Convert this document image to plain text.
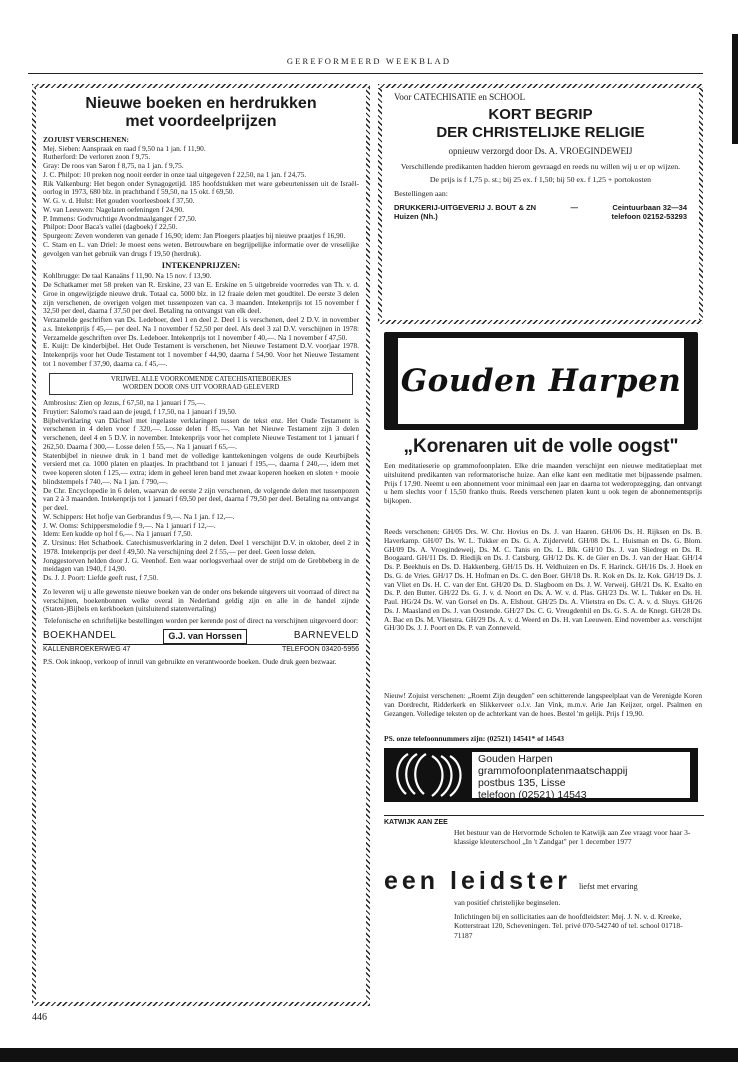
GEREFORMEERD WEEKBLAD
Nieuwe boeken en herdrukken
met voordeelprijzen
ZOJUIST VERSCHENEN:

Mej. Sieben: Aanspraak en raad f 9,50 na 1 jan. f 11,90.

Rutherford: De verloren zoon f 9,75.

Gray: De roos van Saron f 8,75, na 1 jan. f 9,75.

J. C. Philpot: 10 preken nog nooit eerder in onze taal uitgegeven f 22,50, na 1 jan. f 24,75.

Rik Valkenburg: Het begon onder Synagogetijd. 185 hoofdstukken met ware gebeurtenissen uit de Israël-oorlog in 1973, 680 blz. in prachtband f 59,50, na 15 okt. f 69,50.

W. G. v. d. Hulst: Het gouden voorleesboek f 37,50.

W. van Leeuwen: Nagelaten oefeningen f 24,90.

P. Immens: Godvruchtige Avondmaalganger f 27,50.

Philpot: Door Baca's vallei (dagboek) f 22,50.

Spurgeon: Zeven wonderen van genade f 16,90; idem: Jan Ploegers plaatjes bij nieuwe praatjes f 16,90.

C. Stam en L. van Driel: Je moest eens weten. Betrouwbare en begrijpelijke informatie over de vreselijke gevolgen van het gebruik van drugs f 19,50 (herdruk).

INTEKENPRIJZEN:

Kohlbrugge: De taal Kanaäns f 11,90. Na 15 nov. f 13,90.

De Schatkamer met 58 preken van R. Erskine, 23 van E. Erskine en 5 uitgebreide voorredes van Th. v. d. Groe in ongewijzigde nieuwe druk. Totaal ca. 5000 blz. in 12 fraaie delen met goudtitel. De eerste 3 delen zijn verschenen, de overigen volgen met tussenpozen van ca. 3 maanden. Intekenprijs tot 15 november f 32,50 per deel, daarna f 37,50 per deel. Betaling na ontvangst van elk deel.

Verzamelde geschriften van Ds. Ledeboer, deel 1 en deel 2. Deel 1 is verschenen, deel 2 D.V. in november a.s. Intekenprijs f 45,— per deel. Na 1 november f 52,50 per deel. Als deel 3 zal D.V. verschijnen in 1978: Verzamelde geschriften over Ds. Ledeboer. Intekenprijs tot 1 november f 40,—. Na 1 november f 47,50.

E. Kuijt: De kinderbijbel. Het Oude Testament is verschenen, het Nieuwe Testament D.V. voorjaar 1978. Intekenprijs voor het Oude Testament tot 1 november f 44,90, daarna f 54,90. Voor het Nieuwe Testament tot 1 november f 37,90, daarna ca. f 45,—.

VRIJWEL ALLE VOORKOMENDE CATECHISATIEBOEKJES
WORDEN DOOR ONS UIT VOORRAAD GELEVERD

Ambrosius: Zien op Jezus, f 67,50, na 1 januari f 75,—.

Fruytier: Salomo's raad aan de jeugd, f 17,50, na 1 januari f 19,50.

Bijbelverklaring van Dächsel met ingelaste verklaringen tussen de tekst enz. Het Oude Testament is verschenen in 4 delen voor f 320,—. Losse delen f 85,—. Van het Nieuwe Testament zijn 3 delen verschenen, deel 4 en 5 D.V. in november. Intekenprijs voor het complete Nieuwe Testament tot 1 januari f 262,50. Daarna f 300,— Losse delen f 55,—. Na 1 januari f 65,—.

Statenbijbel in nieuwe druk in 1 band met de volledige kanttekeningen volgens de oude Keurbijbels versierd met ca. 1000 platen en plaatjes. In prachtband tot 1 januari f 195,—, daarna f 240,—, idem met twee koperen sloten f 125,— extra; idem in geheel leren band met zwaar koperen hoeken en sloten + mooie blindstempels f 740,—. Na 1 jan. f 790,—.

De Chr. Encyclopedie in 6 delen, waarvan de eerste 2 zijn verschenen, de volgende delen met tussenpozen van 2 à 3 maanden. Intekenprijs tot 1 januari f 69,50 per deel, daarna f 79,50 per deel. Betaling na ontvangst per deel.

W. Schippers: Het hofje van Gerbrandus f 9,—. Na 1 jan. f 12,—.

J. W. Ooms: Schippersmelodie f 9,—. Na 1 januari f 12,—.

Idem: Een kudde op hol f 6,—. Na 1 januari f 7,50.

Z. Ursinus: Het Schatboek. Catechismusverklaring in 2 delen. Deel 1 verschijnt D.V. in oktober, deel 2 in 1978. Intekenprijs per deel f 49,50. Na verschijning deel 2 f 55,— per deel. Geen losse delen.

Jonggestorven helden door J. G. Veenhof. Een waar oorlogsverhaal over de strijd om de Grebbeberg in de meidagen van 1940, f 14,90.

Ds. J. J. Poort: Liefde geeft rust, f 7,50.

Zo leveren wij u alle gewenste nieuwe boeken van de onder ons bekende uitgevers uit voorraad of direct na verschijnen, boekenbonnen welke overal in Nederland geldig zijn en alle in de handel zijnde (Staten-)Bijbels en kerkboeken (uitsluitend statenvertaling)

Telefonische en schriftelijke bestellingen worden per kerende post of direct na verschijnen uitgevoerd door:

BOEKHANDEL	G.J. van Horssen	BARNEVELD
KALLENBROEKERWEG 47	TELEFOON 03420-5956

P.S. Ook inkoop, verkoop of inruil van gebruikte en verantwoorde boeken. Oude druk geen bezwaar.

Voor CATECHISATIE en SCHOOL
KORT BEGRIP
DER CHRISTELIJKE RELIGIE
opnieuw verzorgd door Ds. A. VROEGINDEWEIJ
Verschillende predikanten hadden hierom gevraagd en reeds nu willen wij u er op wijzen.
De prijs is f 1,75 p. st.; bij 25 ex. f 1,50; bij 50 ex. f 1,25 + portokosten
Bestellingen aan:
DRUKKERIJ-UITGEVERIJ J. BOUT & ZN	—	Ceintuurbaan 32—34
Huizen (Nh.)	telefoon 02152-53293
Gouden Harpen
„Korenaren uit de volle oogst"
Een meditatieserie op grammofoonplaten. Elke drie maanden verschijnt een nieuwe meditatieplaat met uitsluitend predikanten van reformatorische huize. Aan elke kant een meditatie met bijpassende psalmen. Prijs f 17,90. Neemt u een abonnement voor minimaal een jaar en daarna tot wederopzegging, dan ontvangt u hem slechts voor f 15,50 franko thuis. Reeds verschenen platen kunt u ook tegen de abonnementsprijs bijkopen.
Reeds verschenen: GH/05 Drs. W. Chr. Hovius en Ds. J. van Haaren. GH/06 Ds. H. Rijksen en Ds. B. Haverkamp. GH/07 Ds. W. L. Tukker en Ds. G. A. Zijderveld. GH/08 Ds. L. Huisman en Ds. G. Blom. GH/09 Ds. A. Vroegindeweij, Ds. M. C. Tanis en Ds. L. Blk. GH/10 Ds. J. van Sliedregt en Ds. R. Boogaard. GH/11 Ds. D. Riedijk en Ds. J. Catsburg. GH/12 Ds. K. de Gier en Ds. J. van der Haar. GH/14 Ds. P. Beekhuis en Ds. D. Hakkenberg. GH/15 Ds. H. Veldhuizen en Ds. F. Harinck. GH/16 Ds. J. Hoek en Ds. G. de Vries. GH/17 Ds. H. Hofman en Ds. C. den Boer. GH/18 Ds. R. Kok en Ds. Iz. Kok. GH/19 Ds. J. van Vliet en Ds. H. C. van der Ent. GH/20 Ds. D. Slagboom en Ds. J. W. Verweij. GH/21 Ds. K. Exalto en Ds. P. den Butter. GH/22 Ds. G. J. v. d. Noort en Ds. A. W. v. d. Plas. GH/23 Ds. W. L. Tukker en Ds. H. Paul. HG/24 Ds. W. van Gorsel en Ds. A. Elshout. GH/25 Ds. A. Vlietstra en Ds. C. A. v. d. Sluys. GH/26 Ds. J. Maasland en Ds. J. van Oostende. GH/27 Ds. C. G. Vreugdenhil en Ds. G. S. A. de Knegt. GH/28 Ds. A. Bac en Ds. M. Vlietstra. GH/29 Ds. A. v. d. Weerd en Ds. H. van Leeuwen. Eind november a.s. verschijnt GH/30 Ds. J. J. Poort en Ds. P. van Zonneveld.
Nieuw! Zojuist verschenen: „Roemt Zijn deugden" een schitterende langspeelplaat van de Verenigde Koren van Dordrecht, Ridderkerk en Slikkerveer o.l.v. Jan Vink, m.m.v. Arie Jan Keijzer, orgel. Psalmen en Gezangen. Volledige teksten op de achterkant van de hoes. Bestel 'm gelijk. Prijs f 19,90.
PS. onze telefoonnummers zijn: (02521) 14541* of 14543
Gouden Harpen
grammofoonplatenmaatschappij
postbus 135, Lisse
telefoon (02521) 14543
KATWIJK AAN ZEE
Het bestuur van de Hervormde Scholen te Katwijk aan Zee vraagt voor haar 3-klassige kleuterschool „In 't Zandgat" per 1 december 1977
een leidster liefst met ervaring
van positief christelijke beginselen.
Inlichtingen bij en sollicitaties aan de hoofdleidster: Mej. J. N. v. d. Kreeke, Kotterstraat 120, Scheveningen. Tel. privé 070-542740 of tel. school 01718-71187
446
